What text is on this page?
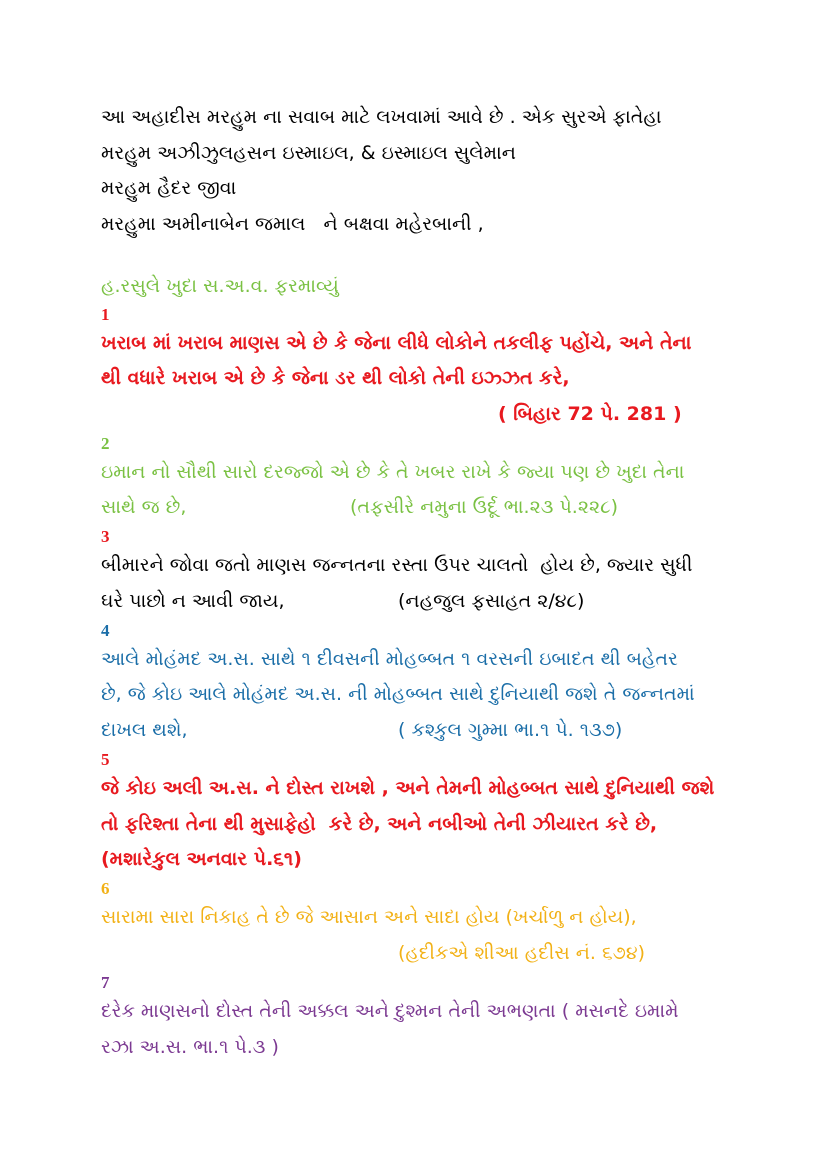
આ અહાદીસ મરહુમ ના સવાબ માટે લખવામાં આવે છે . એક સુરએ ફાતેહા
મરહુમ અઝીઝુલહસન ઇસ્માઇલ, & ઇસ્માઇલ સુલેમાન
મરહુમ હૈદર જીવા
મરહુમા અમીનાબેન જમાલ   ને બક્ષવા મહેરબાની ,
હ.રસુલે ખુદા સ.અ.વ. ફરમાવ્યું
1
ખરાબ માં ખરાબ માણસ એ છે કે જેના લીધે લોકોને તકલીફ પહોંચે, અને તેના
થી વધારે ખરાબ એ છે કે જેના ડર થી લોકો તેની ઇઝ્ઝત કરે,
( બિહાર 72 પે. 281 )
2
ઇમાન નો સૌથી સારો દરજ્જો એ છે કે તે ખબર રાખે કે જ્યા પણ છે ખુદા તેના
સાથે જ છે,	(તફસીરે નમુના ઉર્દૂ ભા.૨૩ પે.૨૨૮)
3
બીમારને જોવા જતો માણસ જન્નતના રસ્તા ઉપર ચાલતો  હોય છે, જ્યાર સુધી
ઘરે પાછો ન આવી જાય,	(નહજુલ ફસાહત ૨/૪૮)
4
આલે મોહંમદ અ.સ. સાથે ૧ દીવસની મોહબ્બત ૧ વરસની ઇબાદત થી બહેતર
છે, જે કોઇ આલે મોહંમદ અ.સ. ની મોહબ્બત સાથે દુનિયાથી જશે તે જન્નતમાં
દાખલ થશે,	( કશ્કુલ ગુમ્મા ભા.૧ પે. ૧૩૭)
5
જે કોઇ અલી અ.સ. ને દોસ્ત રાખશે , અને તેમની મોહબ્બત સાથે દુનિયાથી જશે
તો ફરિશ્તા તેના થી મુસાફેહો  કરે છે, અને નબીઓ તેની ઝીયારત કરે છે,
(મશારેકુલ અનવાર પે.૬૧)
6
સારામા સારા નિકાહ તે છે જે આસાન અને સાદા હોય (ખર્ચાળુ ન હોય),
(હદીકએ શીઆ હદીસ નં. ૬૭૪)
7
દરેક માણસનો દોસ્ત તેની અક્કલ અને દુશ્મન તેની અભણતા ( મસનદે ઇમામે
રઝા અ.સ. ભા.૧ પે.૩ )
